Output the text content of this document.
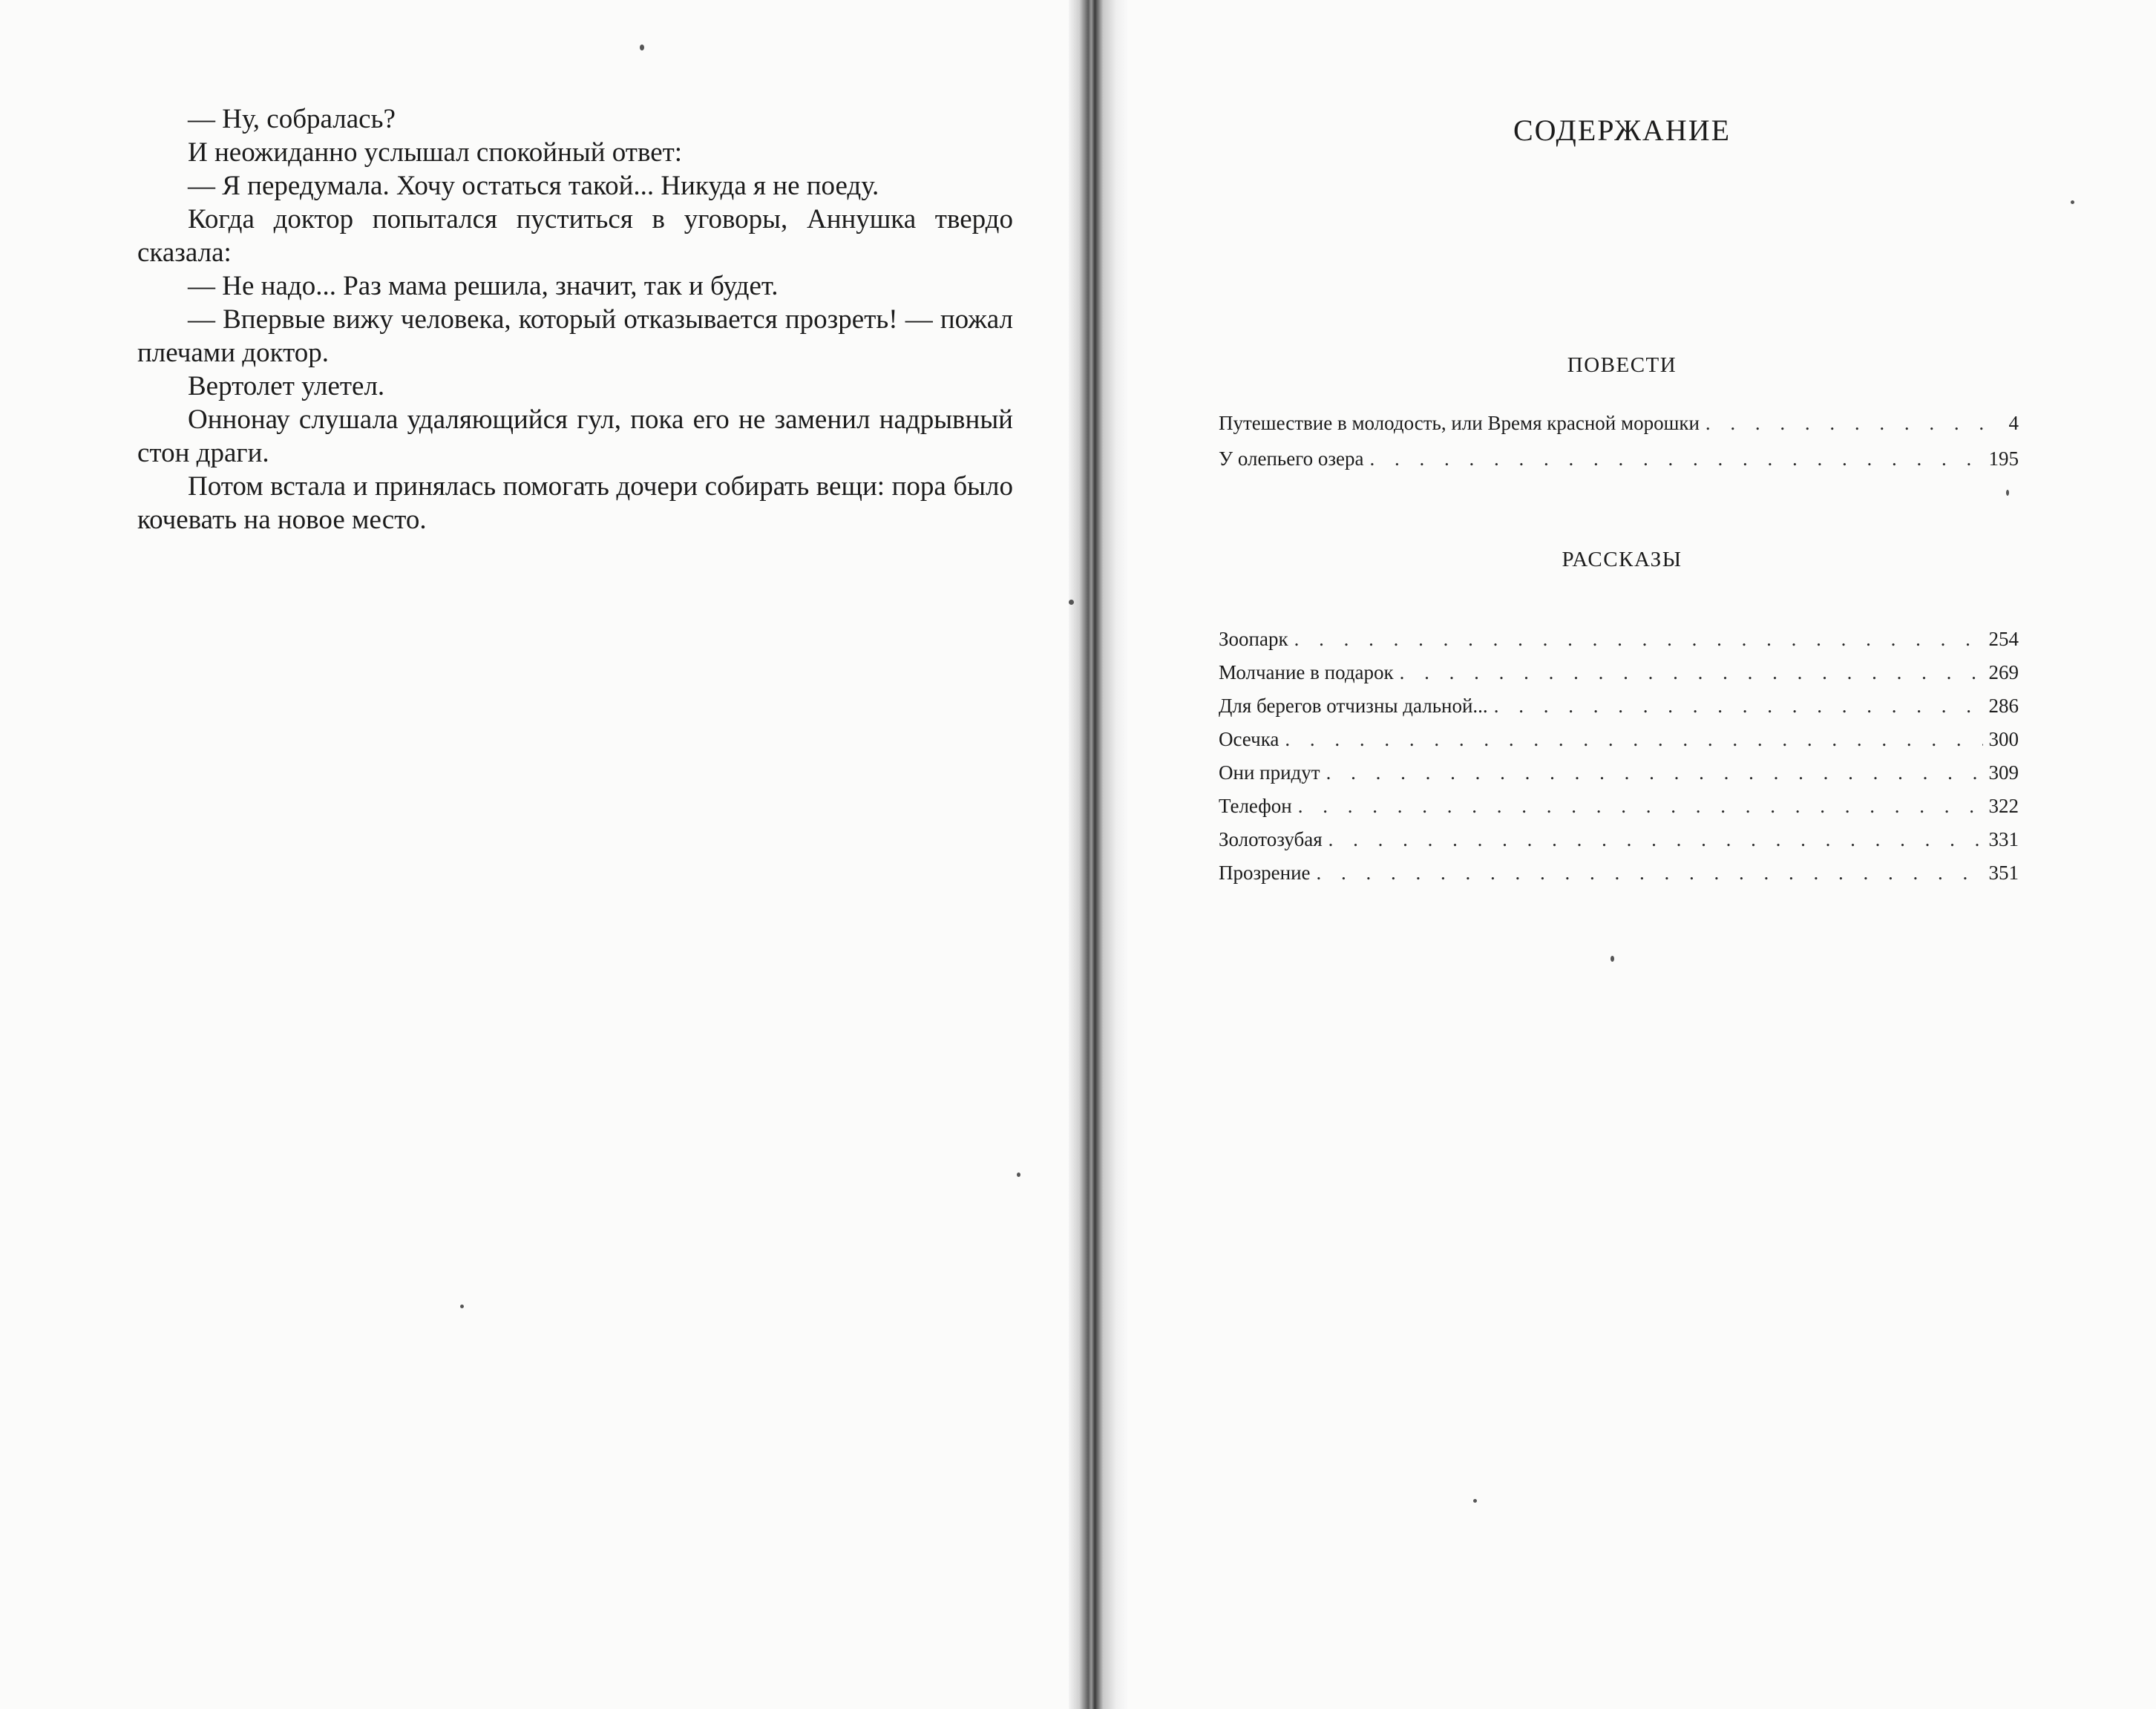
— Ну, собралась?

И неожиданно услышал спокойный ответ:

— Я передумала. Хочу остаться такой... Никуда я не поеду.

Когда доктор попытался пуститься в уговоры, Аннушка твердо сказала:

— Не надо... Раз мама решила, значит, так и будет.

— Впервые вижу человека, который отказывается прозреть! — пожал плечами доктор.

Вертолет улетел.

Оннонау слушала удаляющийся гул, пока его не заменил надрывный стон драги.

Потом встала и принялась помогать дочери собирать вещи: пора было кочевать на новое место.

СОДЕРЖАНИЕ
ПОВЕСТИ
Путешествие в молодость, или Время красной морошки . . .	4
У олепьего озера . . .	195
РАССКАЗЫ
Зоопарк . . .	254
Молчание в подарок . . .	269
Для берегов отчизны дальной... . . .	286
Осечка . . .	300
Они придут . . .	309
Телефон . . .	322
Золотозубая . . .	331
Прозрение . . .	351
